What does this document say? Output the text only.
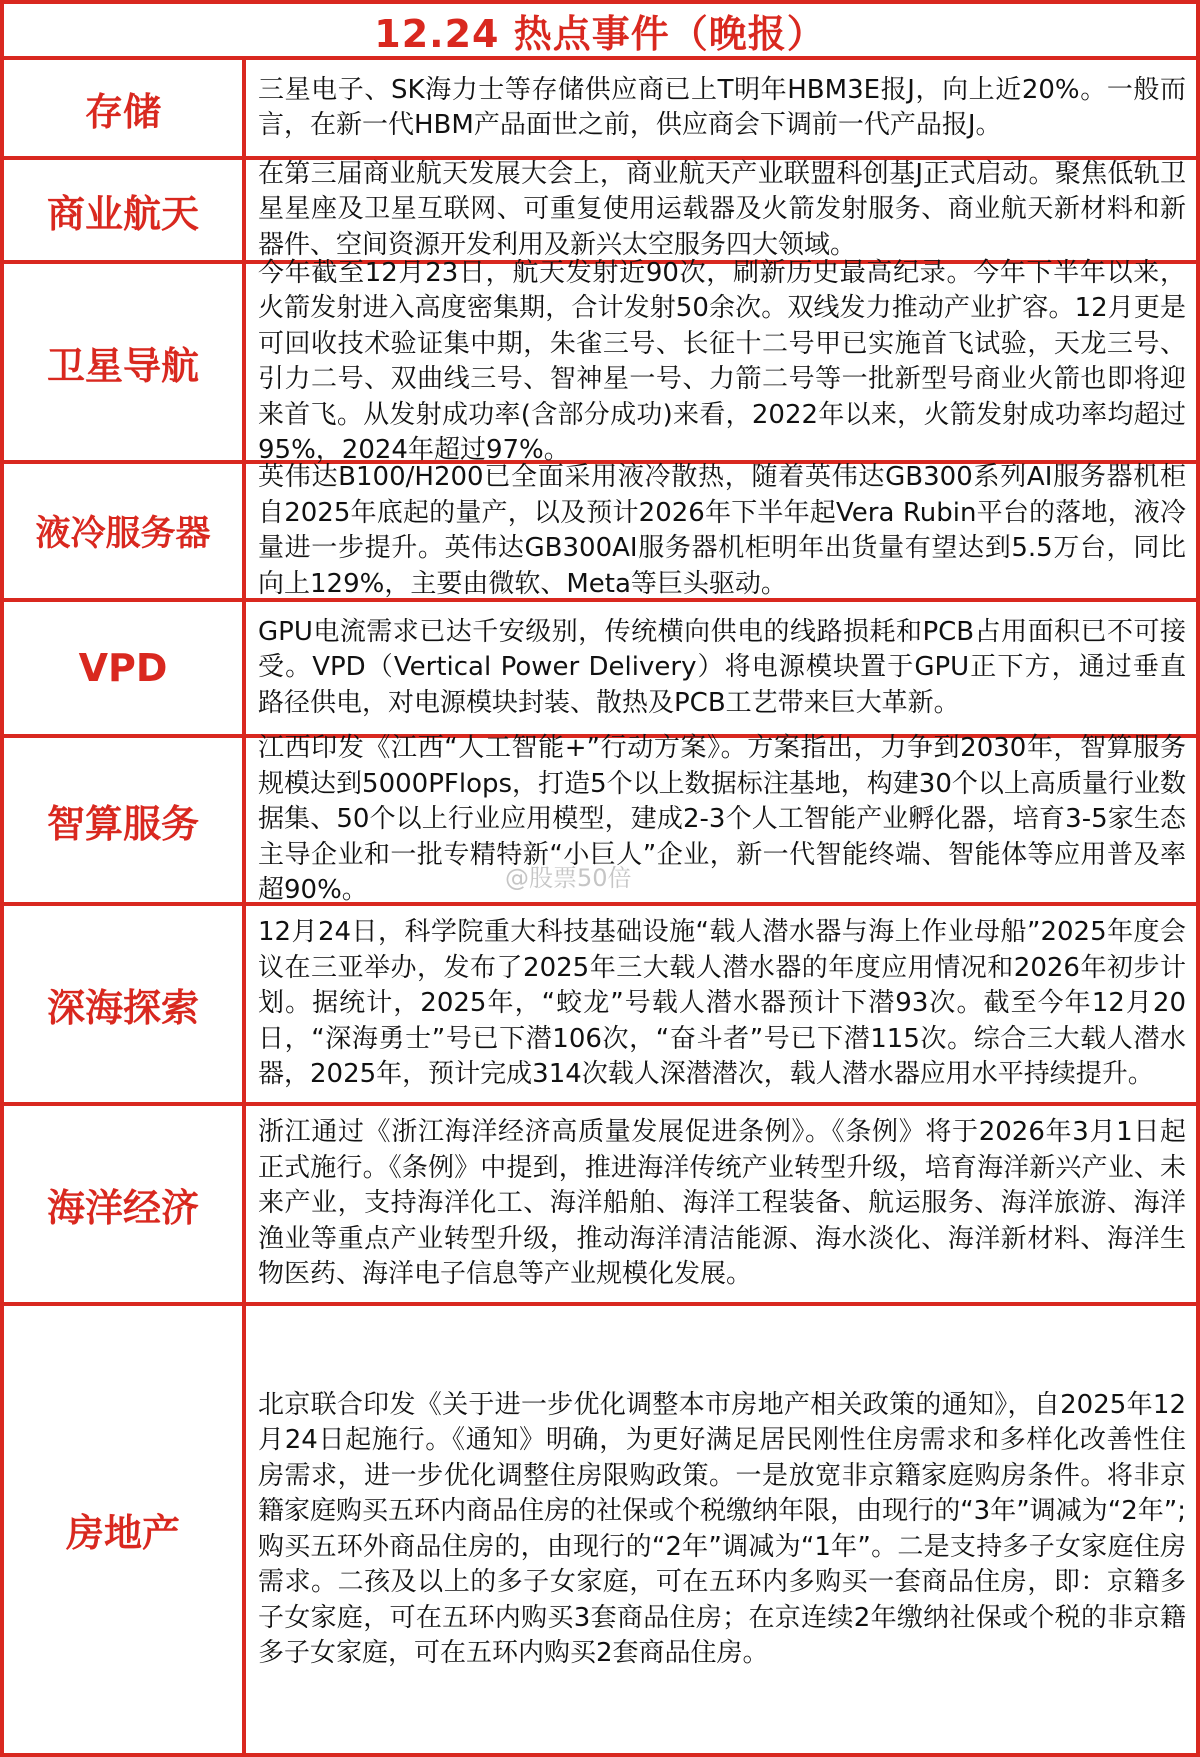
12.24 热点事件（晚报）
存储	三星电子、SK海力士等存储供应商已上T明年HBM3E报J，向上近20%。一般而言，在新一代HBM产品面世之前，供应商会下调前一代产品报J。

商业航天

在第三届商业航天发展大会上，商业航天产业联盟科创基J正式启动。聚焦低轨卫星星座及卫星互联网、可重复使用运载器及火箭发射服务、商业航天新材料和新器件、空间资源开发利用及新兴太空服务四大领域。

卫星导航

今年截至12月23日，航天发射近90次，刷新历史最高纪录。今年下半年以来，火箭发射进入高度密集期，合计发射50余次。双线发力推动产业扩容。12月更是可回收技术验证集中期，朱雀三号、长征十二号甲已实施首飞试验，天龙三号、引力二号、双曲线三号、智神星一号、力箭二号等一批新型号商业火箭也即将迎来首飞。从发射成功率(含部分成功)来看，2022年以来，火箭发射成功率均超过95%，2024年超过97%。

液冷服务器

英伟达B100/H200已全面采用液冷散热，随着英伟达GB300系列AI服务器机柜自2025年底起的量产，以及预计2026年下半年起Vera Rubin平台的落地，液冷量进一步提升。英伟达GB300AI服务器机柜明年出货量有望达到5.5万台，同比向上129%，主要由微软、Meta等巨头驱动。

VPD

GPU电流需求已达千安级别，传统横向供电的线路损耗和PCB占用面积已不可接受。VPD（Vertical Power Delivery）将电源模块置于GPU正下方，通过垂直路径供电，对电源模块封装、散热及PCB工艺带来巨大革新。

智算服务

江西印发《江西“人工智能+”行动方案》。方案指出，力争到2030年，智算服务规模达到5000PFlops，打造5个以上数据标注基地，构建30个以上高质量行业数据集、50个以上行业应用模型，建成2-3个人工智能产业孵化器，培育3-5家生态主导企业和一批专精特新“小巨人”企业，新一代智能终端、智能体等应用普及率超90%。

深海探索

12月24日，科学院重大科技基础设施“载人潜水器与海上作业母船”2025年度会议在三亚举办，发布了2025年三大载人潜水器的年度应用情况和2026年初步计划。据统计，2025年，“蛟龙”号载人潜水器预计下潜93次。截至今年12月20日，“深海勇士”号已下潜106次，“奋斗者”号已下潜115次。综合三大载人潜水器，2025年，预计完成314次载人深潜潜次，载人潜水器应用水平持续提升。

海洋经济

浙江通过《浙江海洋经济高质量发展促进条例》。《条例》将于2026年3月1日起正式施行。《条例》中提到，推进海洋传统产业转型升级，培育海洋新兴产业、未来产业，支持海洋化工、海洋船舶、海洋工程装备、航运服务、海洋旅游、海洋渔业等重点产业转型升级，推动海洋清洁能源、海水淡化、海洋新材料、海洋生物医药、海洋电子信息等产业规模化发展。

房地产

北京联合印发《关于进一步优化调整本市房地产相关政策的通知》，自2025年12月24日起施行。《通知》明确，为更好满足居民刚性住房需求和多样化改善性住房需求，进一步优化调整住房限购政策。一是放宽非京籍家庭购房条件。将非京籍家庭购买五环内商品住房的社保或个税缴纳年限，由现行的“3年”调减为“2年”;购买五环外商品住房的，由现行的“2年”调减为“1年”。二是支持多子女家庭住房需求。二孩及以上的多子女家庭，可在五环内多购买一套商品住房，即：京籍多子女家庭，可在五环内购买3套商品住房；在京连续2年缴纳社保或个税的非京籍多子女家庭，可在五环内购买2套商品住房。

@股票50倍
